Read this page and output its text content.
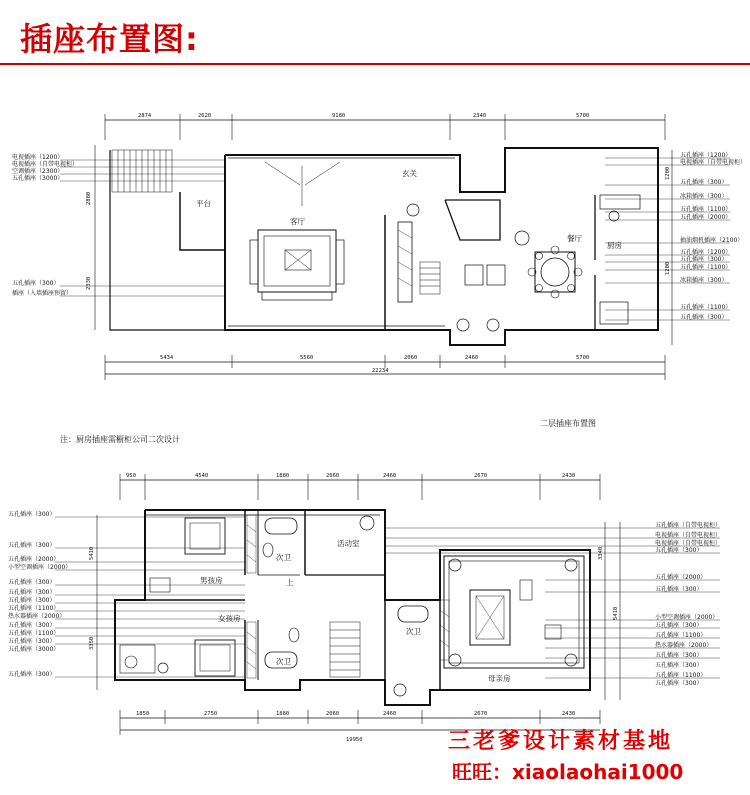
插座布置图:
2874	2620	9180	2340	5700
5434	5560	2060	2460	5700
22234
2880
2330
1200
1200
平台
客厅
玄关
餐厅
厨房
电视插座（1200）
电视插座（自带电视柜）
空调插座（2300）
五孔插座（3000）
五孔插座（300）
插座（入墙插座预留）
五孔插座（1200）
电视插座（自带电视柜）
五孔插座（300）
冰箱插座（300）
五孔插座（1100）
五孔插座（2000）
抽油烟机插座（2100）
五孔插座（1200）
五孔插座（300）
五孔插座（1100）
冰箱插座（300）
五孔插座（1100）
五孔插座（300）
注：厨房插座需橱柜公司二次设计
二层插座布置图
950	4540	1880	2060	2460	2670	2430
1850	2750	1880	2060	2460	2670	2430
19950
5410
3350
3340
5410
次卫
活动室
男孩房
女孩房
次卫
次卫
母亲房
上
五孔插座（300）
五孔插座（300）
五孔插座（2000）
小型空调插座（2000）
五孔插座（300）
五孔插座（300）
五孔插座（300）
五孔插座（1100）
热水器插座（2000）
五孔插座（300）
五孔插座（1100）
五孔插座（300）
五孔插座（3000）
五孔插座（300）
五孔插座（自带电视柜）
电视插座（自带电视柜）
电视插座（自带电视柜）
五孔插座（300）
五孔插座（2000）
五孔插座（300）
小型空调插座（2000）
五孔插座（300）
五孔插座（1100）
热水器插座（2000）
五孔插座（300）
五孔插座（300）
五孔插座（1100）
五孔插座（300）
三老爹设计素材基地
旺旺：xiaolaohai1000
